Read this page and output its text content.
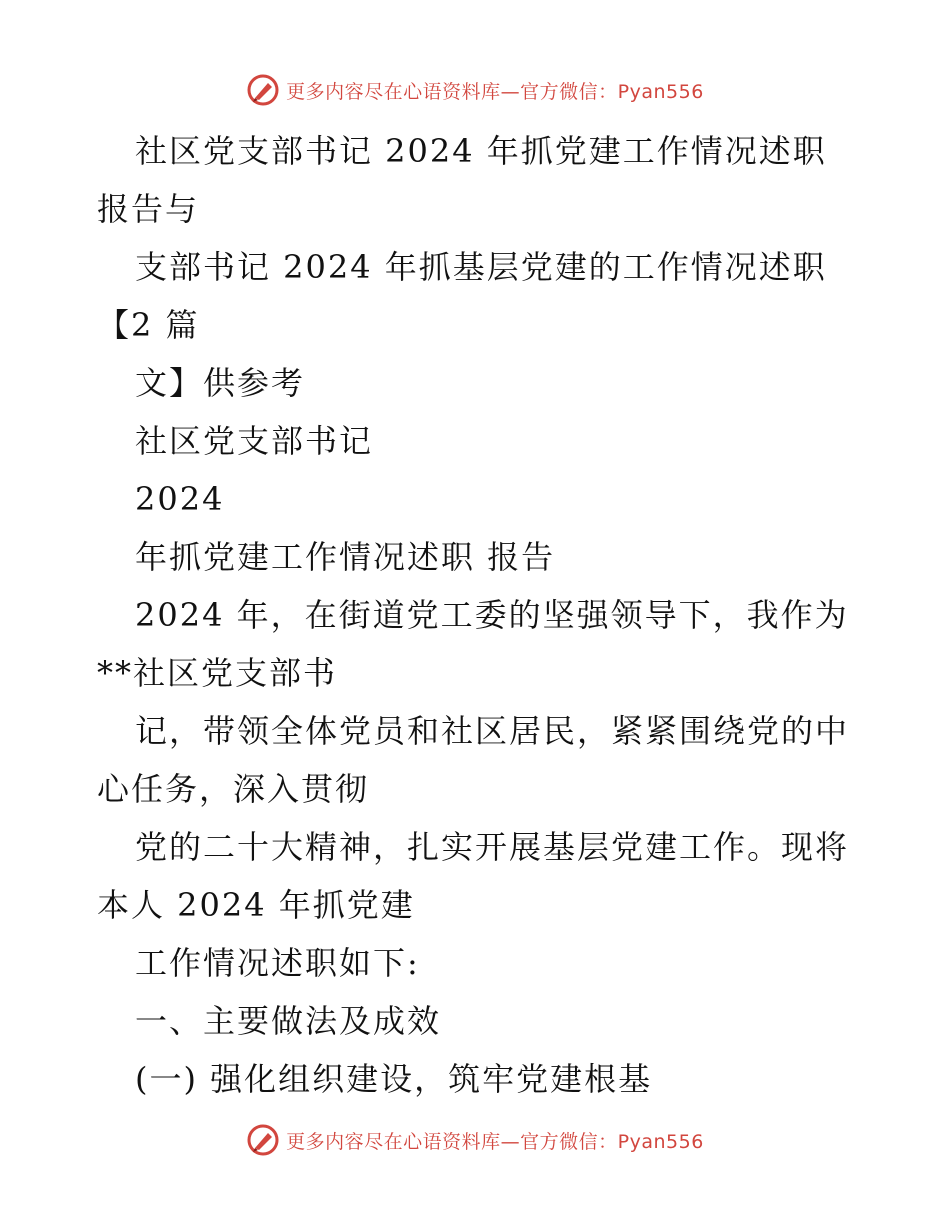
更多内容尽在心语资料库—官方微信：Pyan556

社区党支部书记 2024 年抓党建工作情况述职报告与

支部书记 2024 年抓基层党建的工作情况述职【2 篇

文】供参考

社区党支部书记

2024

年抓党建工作情况述职 报告

2024 年，在街道党工委的坚强领导下，我作为**社区党支部书

记，带领全体党员和社区居民，紧紧围绕党的中心任务，深入贯彻

党的二十大精神，扎实开展基层党建工作。现将本人 2024 年抓党建

工作情况述职如下:

一、主要做法及成效

(一) 强化组织建设，筑牢党建根基

更多内容尽在心语资料库—官方微信：Pyan556
